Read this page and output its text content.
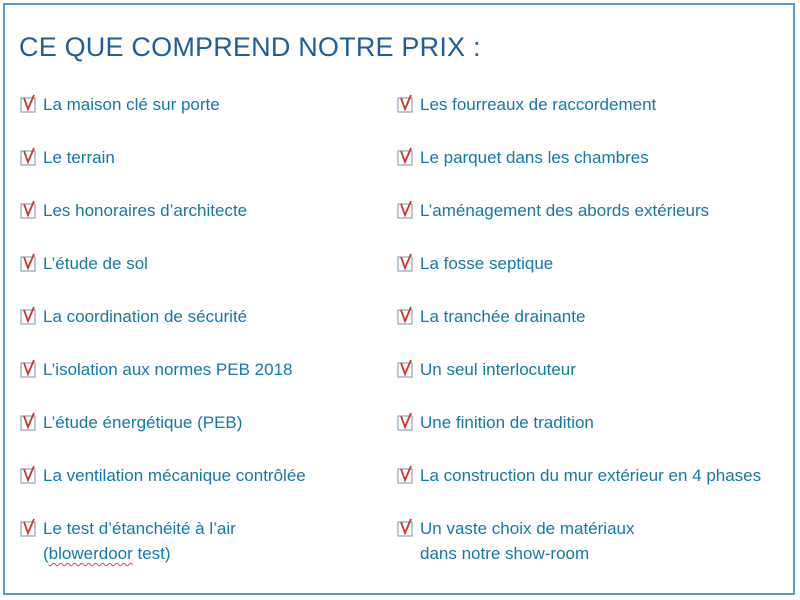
CE QUE COMPREND NOTRE PRIX :
La maison clé sur porte
Le terrain
Les honoraires d’architecte
L’étude de sol
La coordination de sécurité
L’isolation aux normes PEB 2018
L’étude énergétique (PEB)
La ventilation mécanique contrôlée
Le test d’étanchéité à l’air
(blowerdoor test)
Les fourreaux de raccordement
Le parquet dans les chambres
L’aménagement des abords extérieurs
La fosse septique
La tranchée drainante
Un seul interlocuteur
Une finition de tradition
La construction du mur extérieur en 4 phases
Un vaste choix de matériaux
dans notre show-room
